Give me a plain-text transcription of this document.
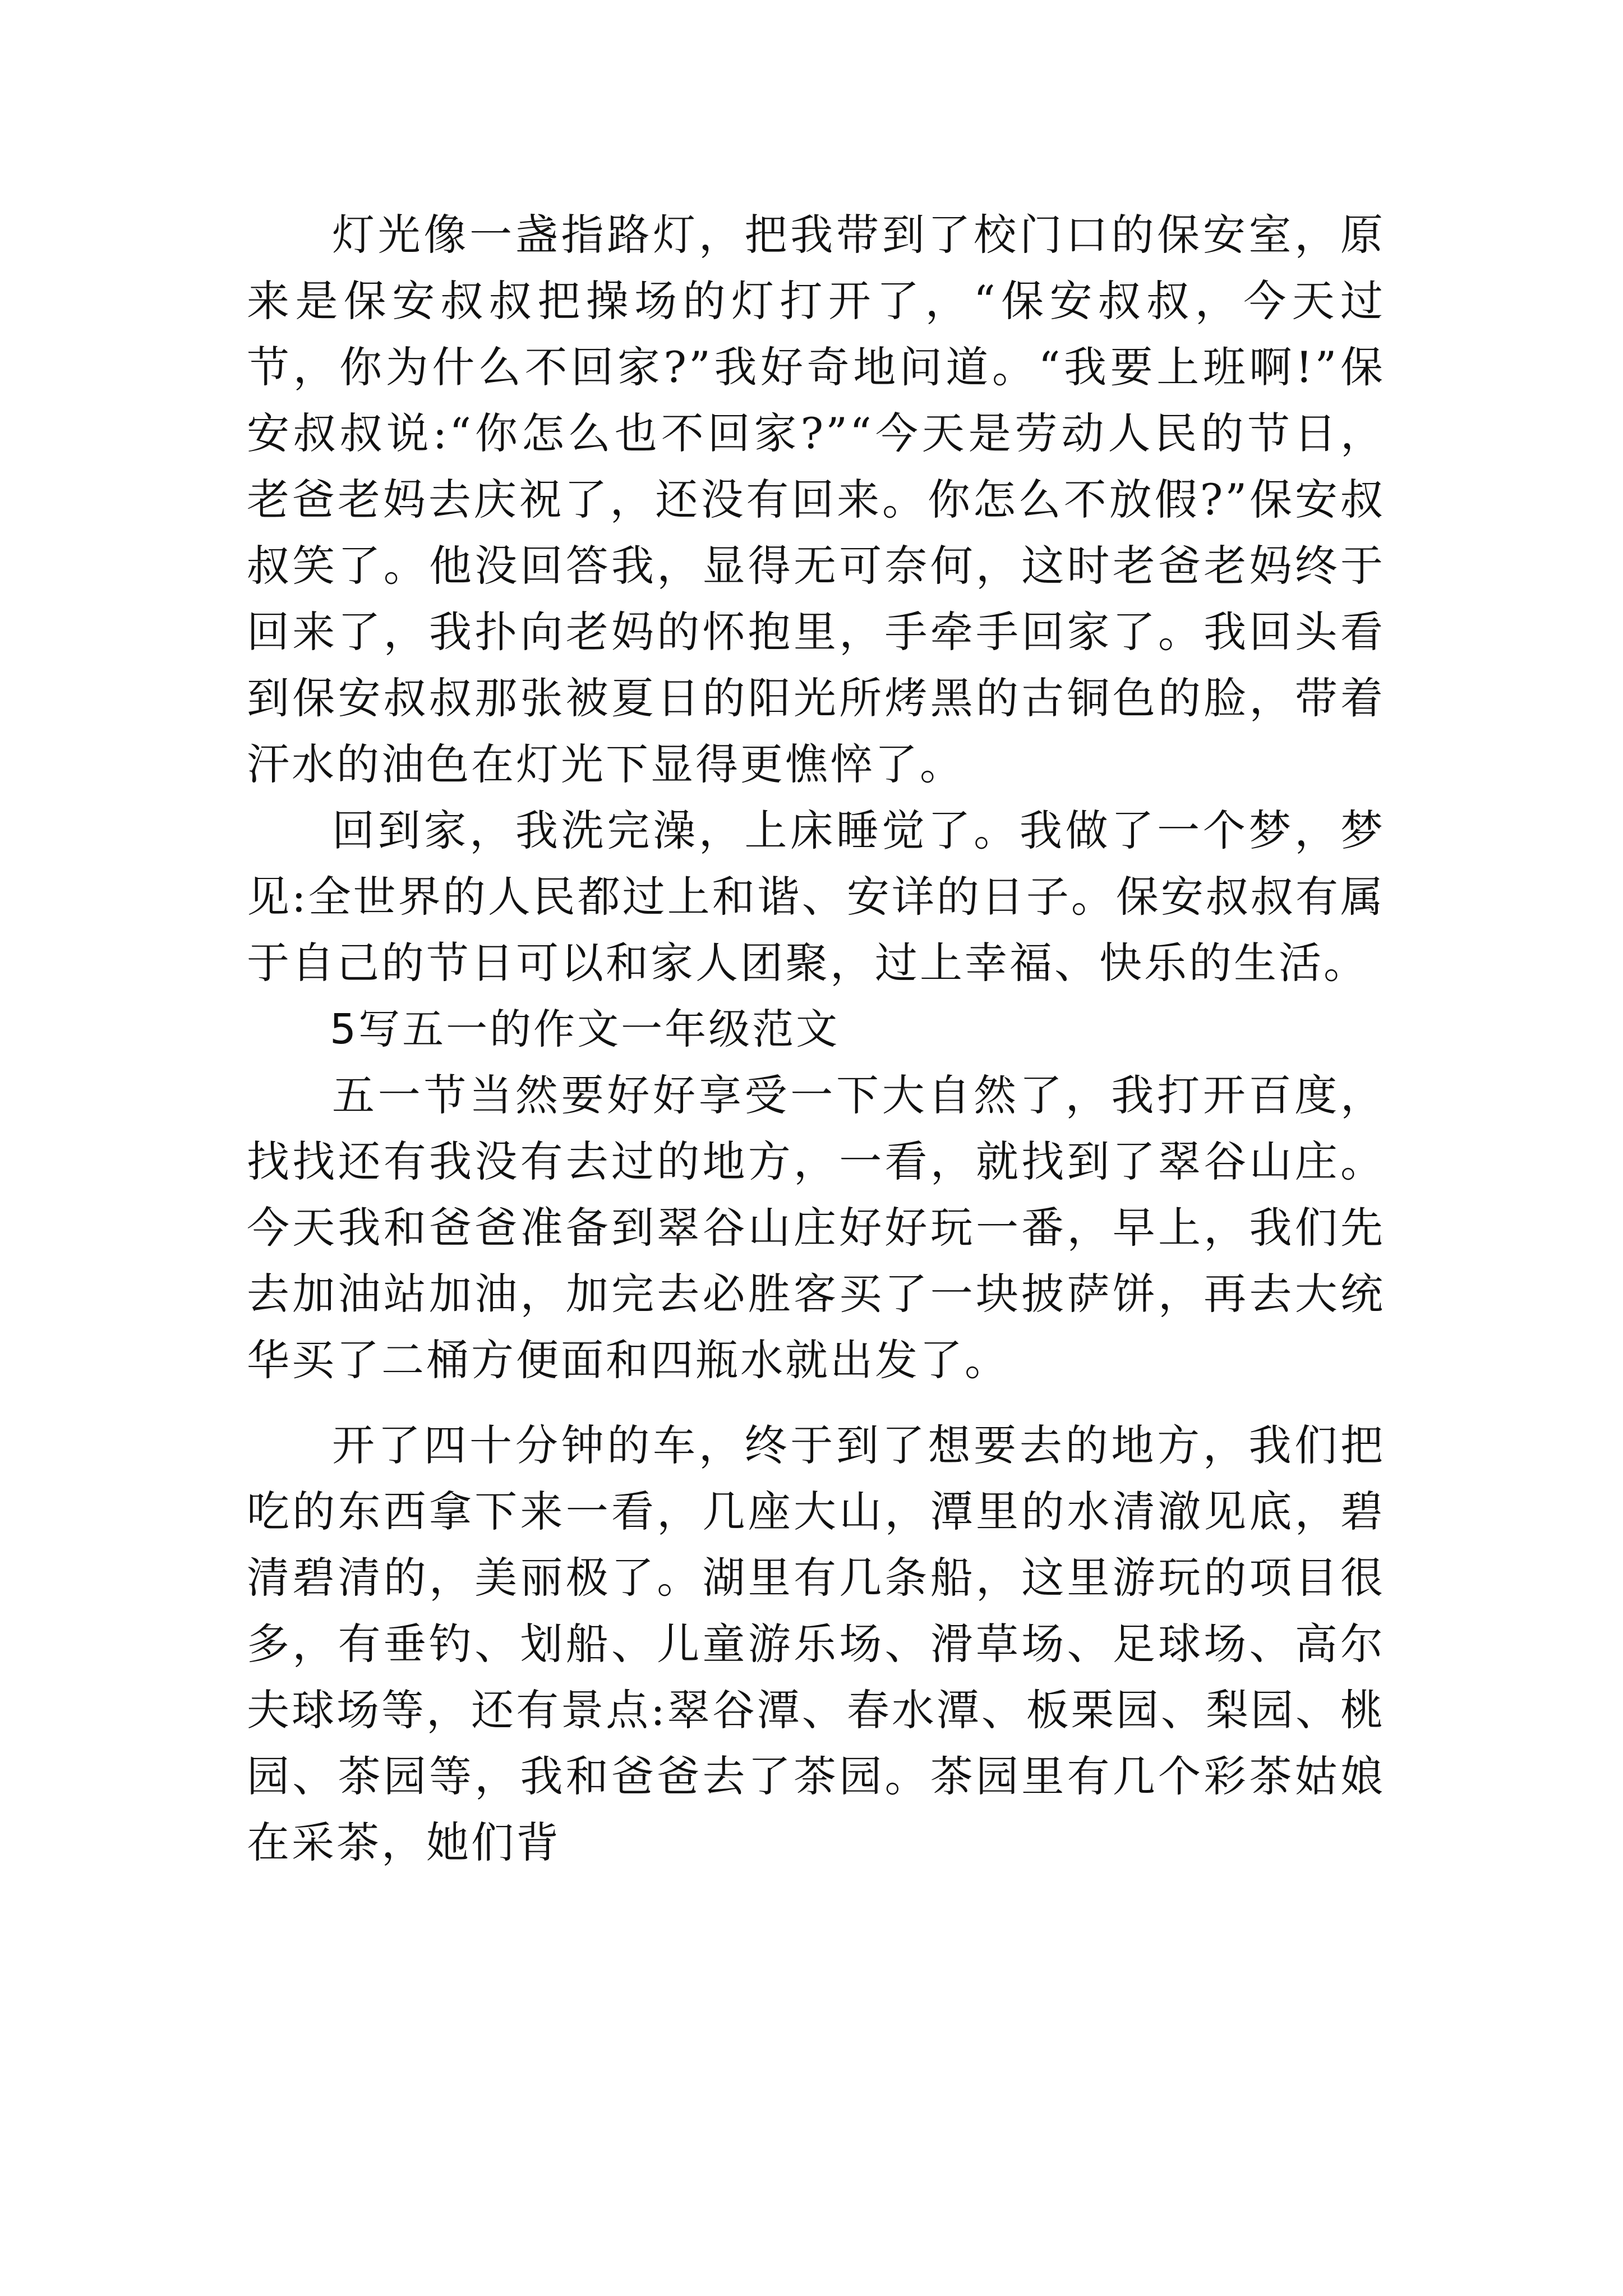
灯光像一盏指路灯，把我带到了校门口的保安室，原来是保安叔叔把操场的灯打开了，“保安叔叔，今天过节，你为什么不回家?”我好奇地问道。“我要上班啊!”保安叔叔说:“你怎么也不回家?”“今天是劳动人民的节日，老爸老妈去庆祝了，还没有回来。你怎么不放假?”保安叔叔笑了。他没回答我，显得无可奈何，这时老爸老妈终于回来了，我扑向老妈的怀抱里，手牵手回家了。我回头看到保安叔叔那张被夏日的阳光所烤黑的古铜色的脸，带着汗水的油色在灯光下显得更憔悴了。

回到家，我洗完澡，上床睡觉了。我做了一个梦，梦见:全世界的人民都过上和谐、安详的日子。保安叔叔有属于自己的节日可以和家人团聚，过上幸福、快乐的生活。

5写五一的作文一年级范文

五一节当然要好好享受一下大自然了，我打开百度，找找还有我没有去过的地方，一看，就找到了翠谷山庄。今天我和爸爸准备到翠谷山庄好好玩一番，早上，我们先去加油站加油，加完去必胜客买了一块披萨饼，再去大统华买了二桶方便面和四瓶水就出发了。

开了四十分钟的车，终于到了想要去的地方，我们把吃的东西拿下来一看，几座大山，潭里的水清澈见底，碧清碧清的，美丽极了。湖里有几条船，这里游玩的项目很多，有垂钓、划船、儿童游乐场、滑草场、足球场、高尔夫球场等，还有景点:翠谷潭、春水潭、板栗园、梨园、桃园、茶园等，我和爸爸去了茶园。茶园里有几个彩茶姑娘在采茶，她们背
